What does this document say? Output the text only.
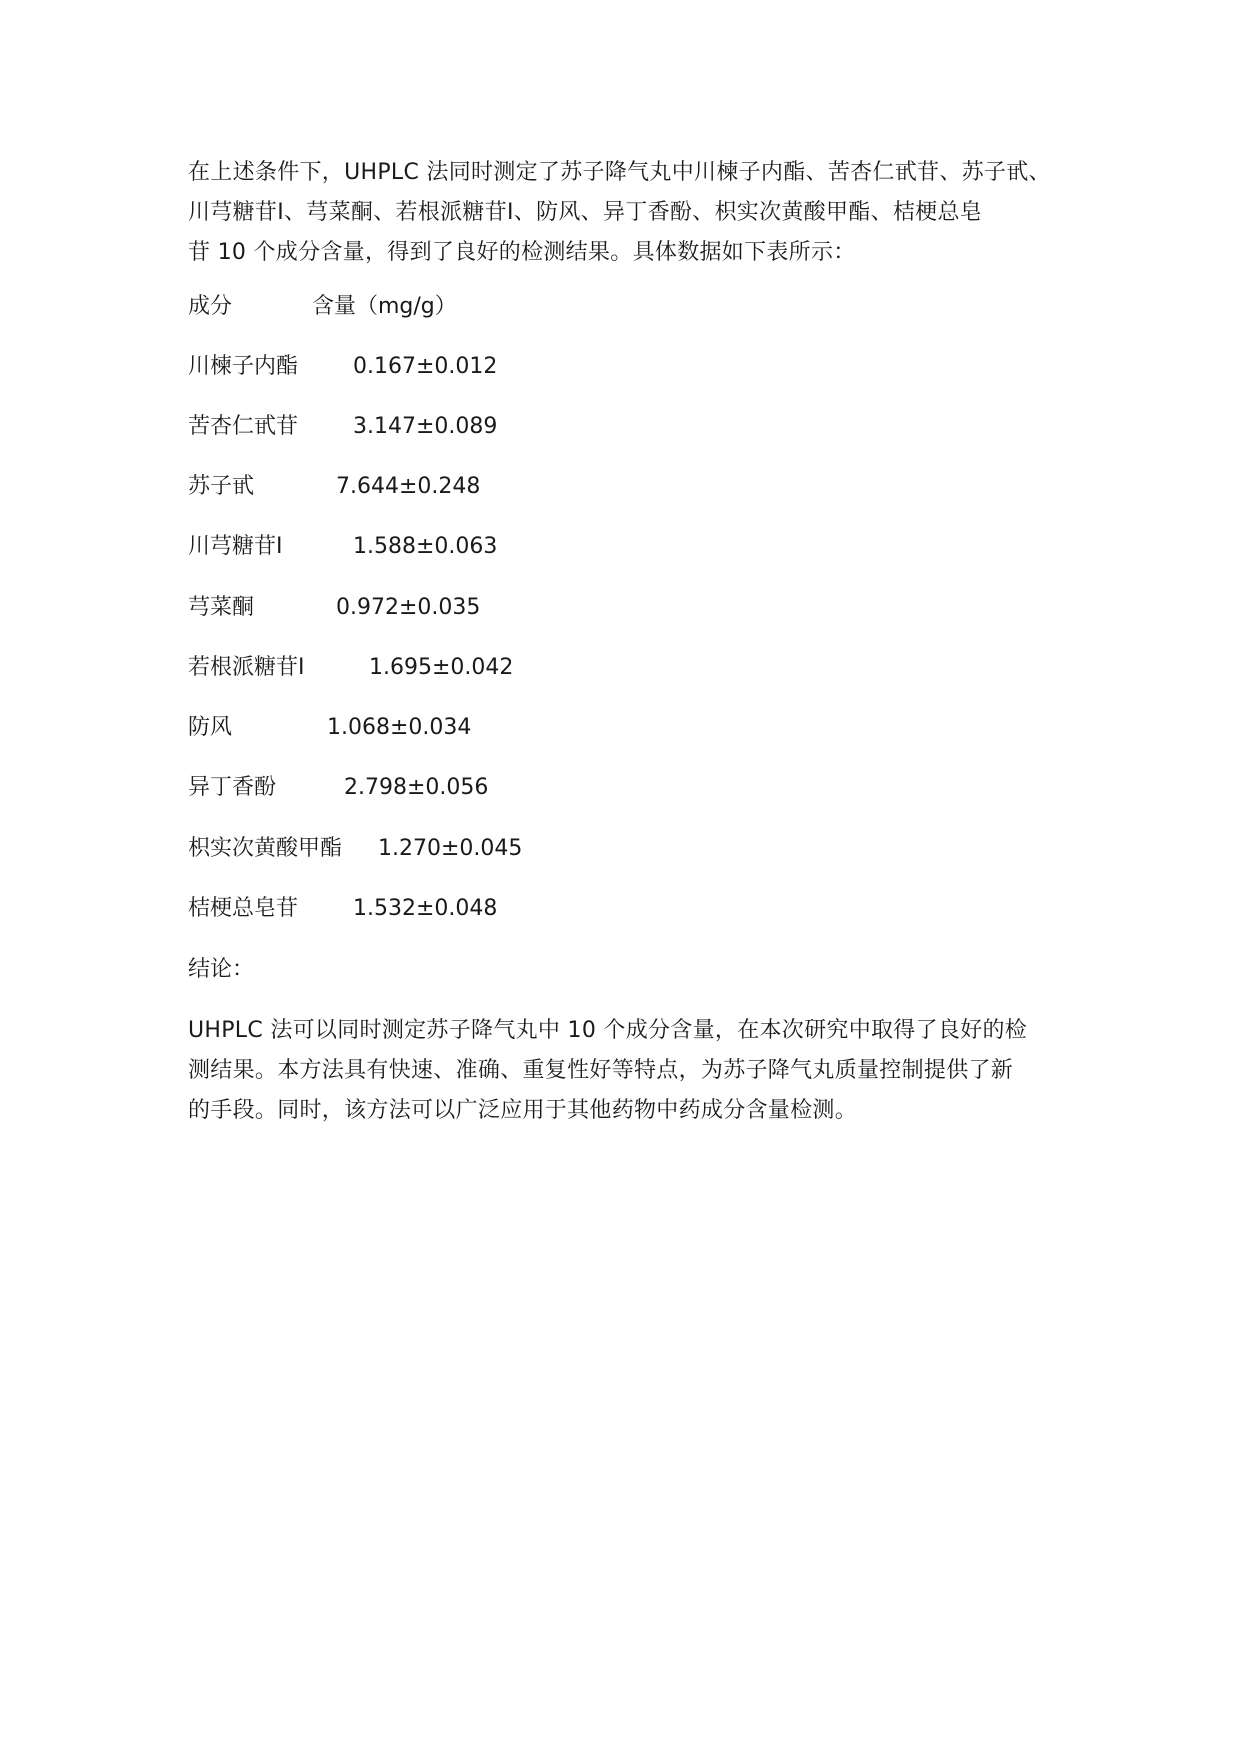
在上述条件下，UHPLC 法同时测定了苏子降气丸中川楝子内酯、苦杏仁甙苷、苏子甙、
川芎糖苷Ⅰ、芎菜酮、若根派糖苷Ⅰ、防风、异丁香酚、枳实次黄酸甲酯、桔梗总皂
苷 10 个成分含量，得到了良好的检测结果。具体数据如下表所示：

成分	含量（mg/g）
川楝子内酯 0.167±0.012
苦杏仁甙苷 3.147±0.089
苏子甙	7.644±0.248
川芎糖苷Ⅰ	1.588±0.063
芎菜酮	0.972±0.035
若根派糖苷Ⅰ	1.695±0.042
防风	1.068±0.034
异丁香酚	2.798±0.056
枳实次黄酸甲酯 1.270±0.045
桔梗总皂苷 1.532±0.048
结论：

UHPLC 法可以同时测定苏子降气丸中 10 个成分含量，在本次研究中取得了良好的检
测结果。本方法具有快速、准确、重复性好等特点，为苏子降气丸质量控制提供了新
的手段。同时，该方法可以广泛应用于其他药物中药成分含量检测。
